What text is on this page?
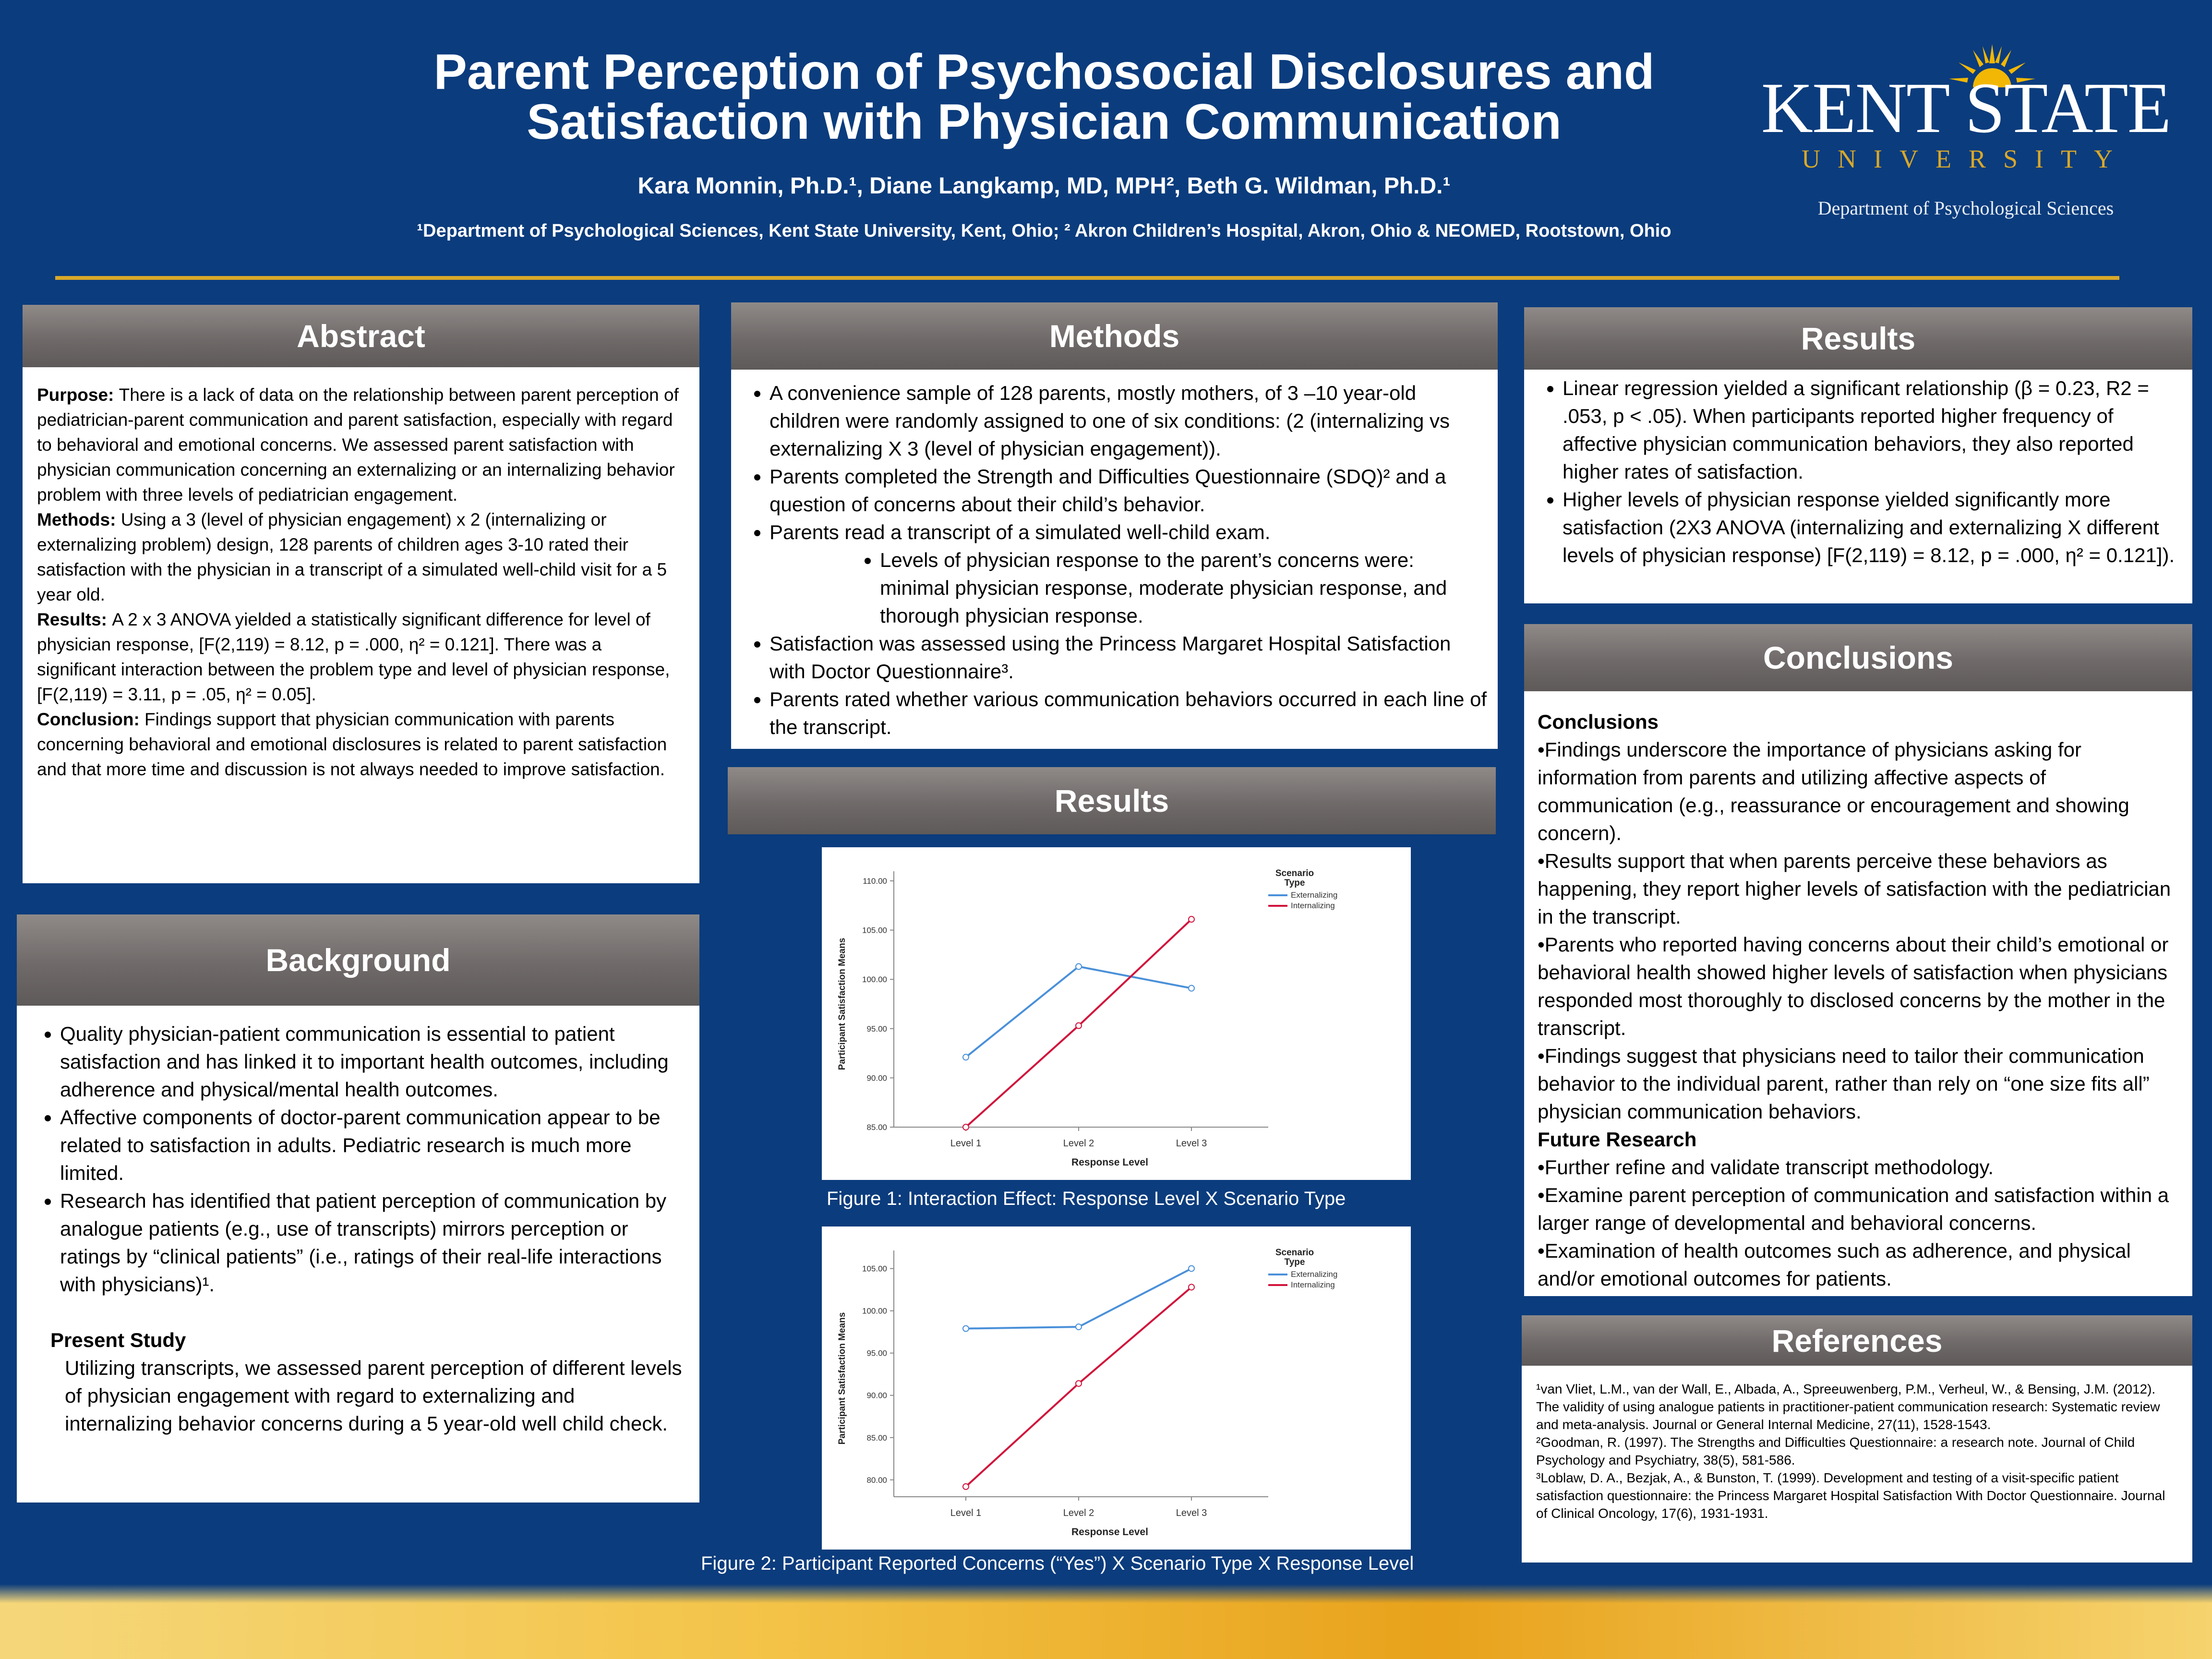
Parent Perception of Psychosocial Disclosures and
Satisfaction with Physician Communication
Kara Monnin, Ph.D.¹, Diane Langkamp, MD, MPH², Beth G. Wildman, Ph.D.¹
¹Department of Psychological Sciences, Kent State University, Kent, Ohio; ² Akron Children’s Hospital, Akron, Ohio & NEOMED, Rootstown, Ohio
KENT STATE
UNIVERSITY
Department of Psychological Sciences
Abstract
Purpose: There is a lack of data on the relationship between parent perception of pediatrician-parent communication and parent satisfaction, especially with regard to behavioral and emotional concerns. We assessed parent satisfaction with physician communication concerning an externalizing or an internalizing behavior problem with three levels of pediatrician engagement.
Methods: Using a 3 (level of physician engagement) x 2 (internalizing or externalizing problem) design, 128 parents of children ages 3-10 rated their satisfaction with the physician in a transcript of a simulated well-child visit for a 5 year old.
Results: A 2 x 3 ANOVA yielded a statistically significant difference for level of physician response, [F(2,119) = 8.12, p = .000, η² = 0.121]. There was a significant interaction between the problem type and level of physician response, [F(2,119) = 3.11, p = .05, η² = 0.05].
Conclusion: Findings support that physician communication with parents concerning behavioral and emotional disclosures is related to parent satisfaction and that more time and discussion is not always needed to improve satisfaction.
Background
• Quality physician-patient communication is essential to patient satisfaction and has linked it to important health outcomes, including adherence and physical/mental health outcomes.
• Affective components of doctor-parent communication appear to be related to satisfaction in adults. Pediatric research is much more limited.
• Research has identified that patient perception of communication by analogue patients (e.g., use of transcripts) mirrors perception or ratings by “clinical patients” (i.e., ratings of their real-life interactions with physicians)¹.
Present Study
Utilizing transcripts, we assessed parent perception of different levels of physician engagement with regard to externalizing and internalizing behavior concerns during a 5 year-old well child check.
Methods
• A convenience sample of 128 parents, mostly mothers, of 3 –10 year-old children were randomly assigned to one of six conditions: (2 (internalizing vs externalizing X 3 (level of physician engagement)).
• Parents completed the Strength and Difficulties Questionnaire (SDQ)² and a question of concerns about their child’s behavior.
• Parents read a transcript of a simulated well-child exam.
• Levels of physician response to the parent’s concerns were: minimal physician response, moderate physician response, and thorough physician response.
• Satisfaction was assessed using the Princess Margaret Hospital Satisfaction with Doctor Questionnaire³.
• Parents rated whether various communication behaviors occurred in each line of the transcript.
Results
110.00
105.00
100.00
95.00
90.00
85.00
Level 1	Level 2	Level 3
Response Level
Participant Satisfaction Means
Scenario
Type
Externalizing
Internalizing
Figure 1: Interaction Effect: Response Level X Scenario Type
105.00
100.00
95.00
90.00
85.00
80.00
Level 1	Level 2	Level 3
Response Level
Participant Satisfaction Means
Scenario
Type
Externalizing
Internalizing
Figure 2: Participant Reported Concerns (“Yes”) X Scenario Type X Response Level
Results
• Linear regression yielded a significant relationship (β = 0.23, R2 = .053, p < .05). When participants reported higher frequency of affective physician communication behaviors, they also reported higher rates of satisfaction.
• Higher levels of physician response yielded significantly more satisfaction (2X3 ANOVA (internalizing and externalizing X different levels of physician response) [F(2,119) = 8.12, p = .000, η² = 0.121]).
Conclusions
Conclusions
•Findings underscore the importance of physicians asking for information from parents and utilizing affective aspects of communication (e.g., reassurance or encouragement and showing concern).
•Results support that when parents perceive these behaviors as happening, they report higher levels of satisfaction with the pediatrician in the transcript.
•Parents who reported having concerns about their child’s emotional or behavioral health showed higher levels of satisfaction when physicians responded most thoroughly to disclosed concerns by the mother in the transcript.
•Findings suggest that physicians need to tailor their communication behavior to the individual parent, rather than rely on “one size fits all” physician communication behaviors.
Future Research
•Further refine and validate transcript methodology.
•Examine parent perception of communication and satisfaction within a larger range of developmental and behavioral concerns.
•Examination of health outcomes such as adherence, and physical and/or emotional outcomes for patients.
References
¹van Vliet, L.M., van der Wall, E., Albada, A., Spreeuwenberg, P.M., Verheul, W., & Bensing, J.M. (2012). The validity of using analogue patients in practitioner-patient communication research: Systematic review and meta-analysis. Journal or General Internal Medicine, 27(11), 1528-1543.
²Goodman, R. (1997). The Strengths and Difficulties Questionnaire: a research note. Journal of Child Psychology and Psychiatry, 38(5), 581-586.
³Loblaw, D. A., Bezjak, A., & Bunston, T. (1999). Development and testing of a visit-specific patient satisfaction questionnaire: the Princess Margaret Hospital Satisfaction With Doctor Questionnaire. Journal of Clinical Oncology, 17(6), 1931-1931.
